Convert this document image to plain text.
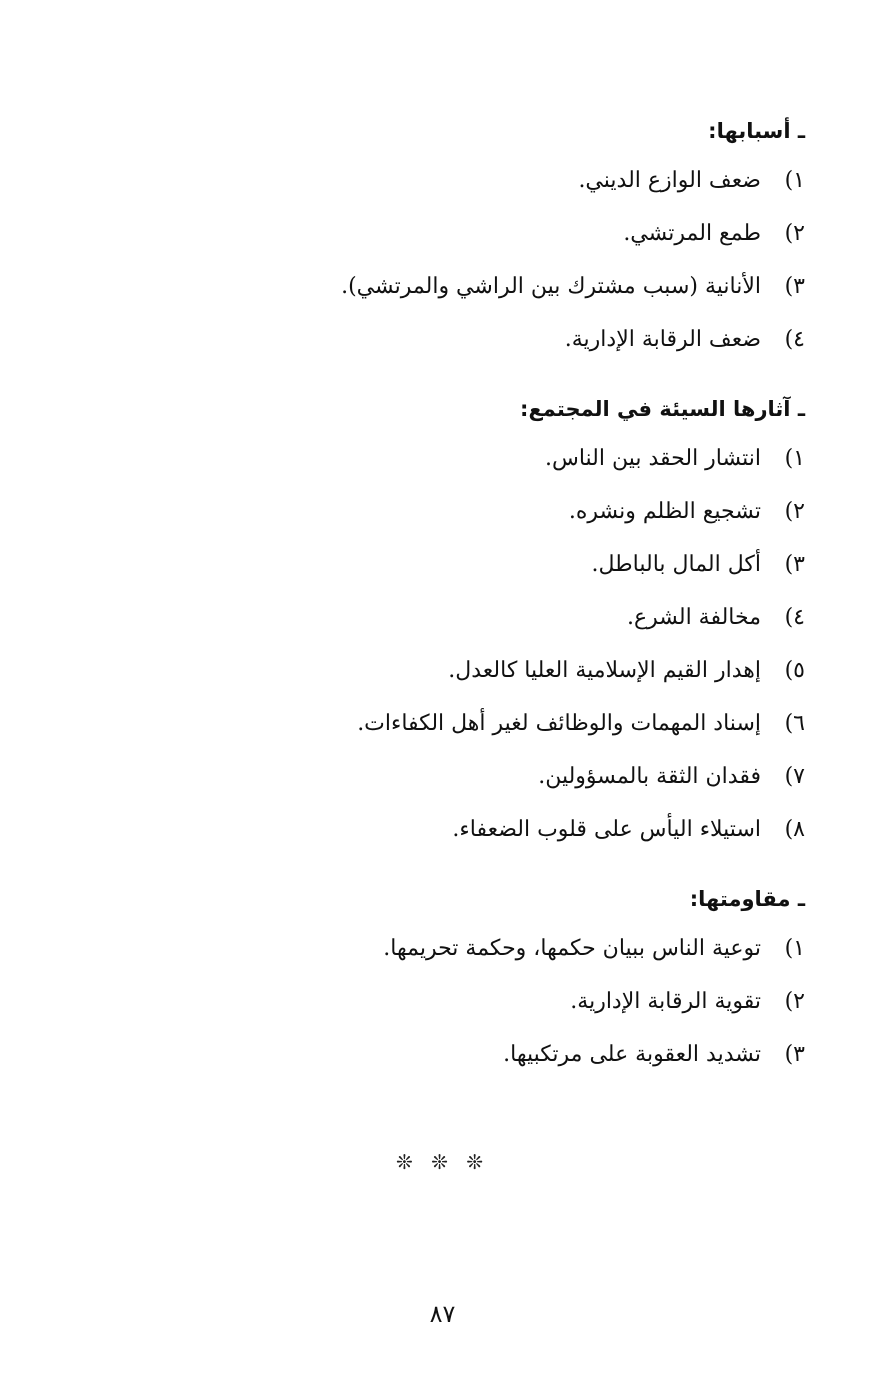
ـ أسبابها:
١)
ضعف الوازع الديني.
٢)
طمع المرتشي.
٣)
الأنانية (سبب مشترك بين الراشي والمرتشي).
٤)
ضعف الرقابة الإدارية.
ـ آثارها السيئة في المجتمع:
١)
انتشار الحقد بين الناس.
٢)
تشجيع الظلم ونشره.
٣)
أكل المال بالباطل.
٤)
مخالفة الشرع.
٥)
إهدار القيم الإسلامية العليا كالعدل.
٦)
إسناد المهمات والوظائف لغير أهل الكفاءات.
٧)
فقدان الثقة بالمسؤولين.
٨)
استيلاء اليأس على قلوب الضعفاء.
ـ مقاومتها:
١)
توعية الناس ببيان حكمها، وحكمة تحريمها.
٢)
تقوية الرقابة الإدارية.
٣)
تشديد العقوبة على مرتكبيها.
❊ ❊ ❊
٨٧
